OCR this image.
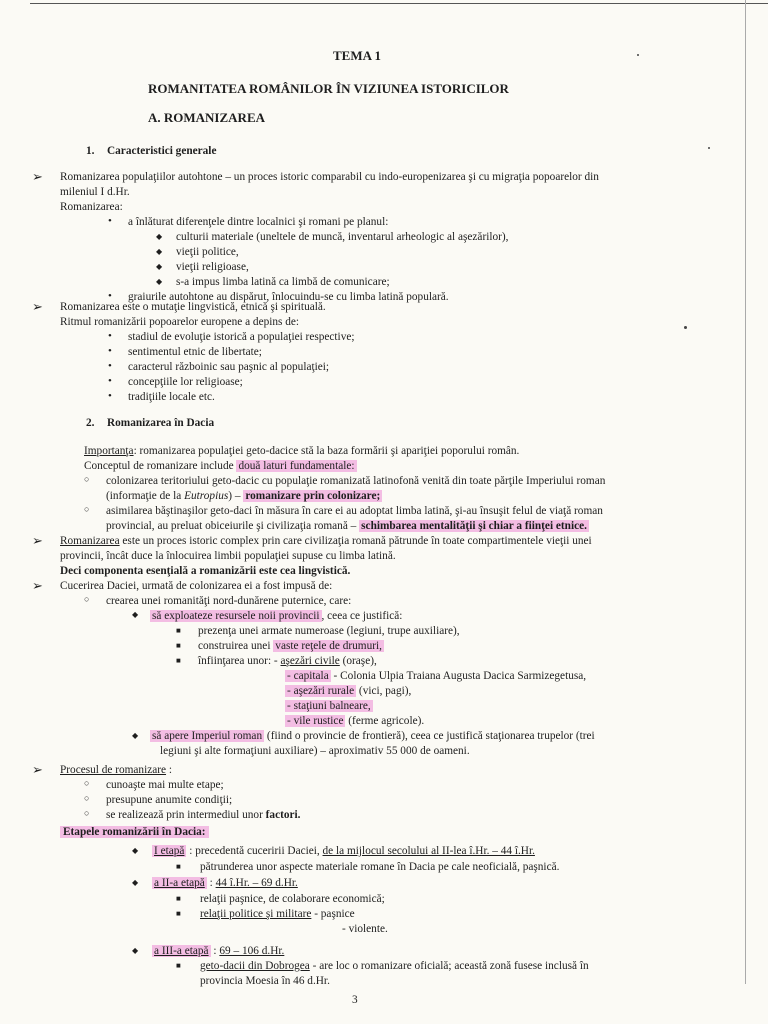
TEMA 1
ROMANITATEA ROMÂNILOR ÎN VIZIUNEA ISTORICILOR
A. ROMANIZAREA
1. Caracteristici generale
➢ Romanizarea populaţiilor autohtone – un proces istoric comparabil cu indo-europenizarea şi cu migraţia popoarelor din
mileniul I d.Hr.
Romanizarea:
• a înlăturat diferenţele dintre localnici şi romani pe planul:
◆ culturii materiale (uneltele de muncă, inventarul arheologic al aşezărilor),
◆ vieţii politice,
◆ vieţii religioase,
◆ s-a impus limba latină ca limbă de comunicare;
• graiurile autohtone au dispărut, înlocuindu-se cu limba latină populară.
➢ Romanizarea este o mutaţie lingvistică, etnică şi spirituală.
Ritmul romanizării popoarelor europene a depins de:
• stadiul de evoluţie istorică a populaţiei respective;
• sentimentul etnic de libertate;
• caracterul războinic sau paşnic al populaţiei;
• concepţiile lor religioase;
• tradiţiile locale etc.
2. Romanizarea în Dacia
Importanţa: romanizarea populaţiei geto-dacice stă la baza formării şi apariţiei poporului român.
Conceptul de romanizare include două laturi fundamentale:
○ colonizarea teritoriului geto-dacic cu populaţie romanizată latinofonă venită din toate părţile Imperiului roman
(informaţie de la Eutropius) – romanizare prin colonizare;
○ asimilarea băştinaşilor geto-daci în măsura în care ei au adoptat limba latină, şi-au însuşit felul de viaţă roman
provincial, au preluat obiceiurile şi civilizaţia romană – schimbarea mentalităţii şi chiar a fiinţei etnice.
➢ Romanizarea este un proces istoric complex prin care civilizaţia romană pătrunde în toate compartimentele vieţii unei
provincii, încât duce la înlocuirea limbii populaţiei supuse cu limba latină.
Deci componenta esenţială a romanizării este cea lingvistică.
➢ Cucerirea Daciei, urmată de colonizarea ei a fost impusă de:
○ crearea unei romanităţi nord-dunărene puternice, care:
◆ să exploateze resursele noii provincii , ceea ce justifică:
■ prezenţa unei armate numeroase (legiuni, trupe auxiliare),
■ construirea unei vaste reţele de drumuri,
■ înfiinţarea unor: - aşezări civile (oraşe),
- capitala - Colonia Ulpia Traiana Augusta Dacica Sarmizegetusa,
- aşezări rurale (vici, pagi),
- staţiuni balneare,
- vile rustice (ferme agricole).
◆ să apere Imperiul roman (fiind o provincie de frontieră), ceea ce justifică staţionarea trupelor (trei
legiuni şi alte formaţiuni auxiliare) – aproximativ 55 000 de oameni.
➢ Procesul de romanizare :
○ cunoaşte mai multe etape;
○ presupune anumite condiţii;
○ se realizează prin intermediul unor factori.
Etapele romanizării în Dacia:
◆ I etapă : precedentă cuceririi Daciei, de la mijlocul secolului al II-lea î.Hr. – 44 î.Hr.
■ pătrunderea unor aspecte materiale romane în Dacia pe cale neoficială, paşnică.
◆ a II-a etapă : 44 î.Hr. – 69 d.Hr.
■ relaţii paşnice, de colaborare economică;
■ relaţii politice şi militare - paşnice
- violente.
◆ a III-a etapă : 69 – 106 d.Hr.
■ geto-dacii din Dobrogea - are loc o romanizare oficială; această zonă fusese inclusă în
provincia Moesia în 46 d.Hr.
3
